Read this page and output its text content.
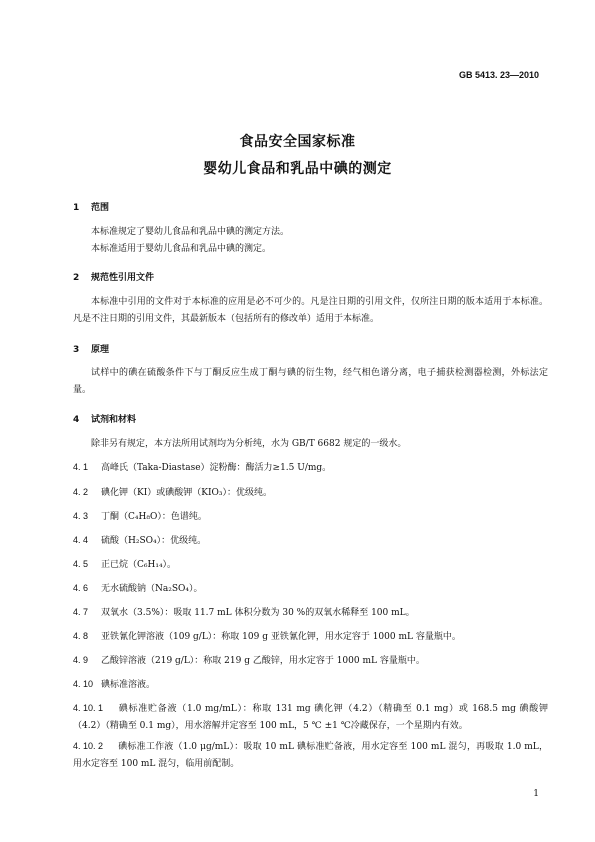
GB 5413. 23—2010
食品安全国家标准
婴幼儿食品和乳品中碘的测定
1 范围
本标准规定了婴幼儿食品和乳品中碘的测定方法。
本标准适用于婴幼儿食品和乳品中碘的测定。
2 规范性引用文件
本标准中引用的文件对于本标准的应用是必不可少的。凡是注日期的引用文件，仅所注日期的版本适用于本标准。凡是不注日期的引用文件，其最新版本（包括所有的修改单）适用于本标准。
3 原理
试样中的碘在硫酸条件下与丁酮反应生成丁酮与碘的衍生物，经气相色谱分离，电子捕获检测器检测，外标法定量。
4 试剂和材料
除非另有规定，本方法所用试剂均为分析纯，水为 GB/T 6682 规定的一级水。
4. 1 高峰氏（Taka-Diastase）淀粉酶：酶活力≥1.5 U/mg。
4. 2 碘化钾（KI）或碘酸钾（KIO₃）：优级纯。
4. 3 丁酮（C₄H₈O）：色谱纯。
4. 4 硫酸（H₂SO₄）：优级纯。
4. 5 正已烷（C₆H₁₄）。
4. 6 无水硫酸钠（Na₂SO₄）。
4. 7 双氧水（3.5%）：吸取 11.7 mL 体积分数为 30 %的双氧水稀释至 100 mL。
4. 8 亚铁氰化钾溶液（109 g/L）：称取 109 g 亚铁氰化钾，用水定容于 1000 mL 容量瓶中。
4. 9 乙酸锌溶液（219 g/L）：称取 219 g 乙酸锌，用水定容于 1000 mL 容量瓶中。
4. 10 碘标准溶液。
4. 10. 1 碘标准贮备液（1.0 mg/mL）：称取 131 mg 碘化钾（4.2）（精确至 0.1 mg）或 168.5 mg 碘酸钾（4.2）（精确至 0.1 mg），用水溶解并定容至 100 mL，5 ℃ ±1 ℃冷藏保存，一个星期内有效。
4. 10. 2 碘标准工作液（1.0 μg/mL）：吸取 10 mL 碘标准贮备液，用水定容至 100 mL 混匀，再吸取 1.0 mL，用水定容至 100 mL 混匀，临用前配制。
1
